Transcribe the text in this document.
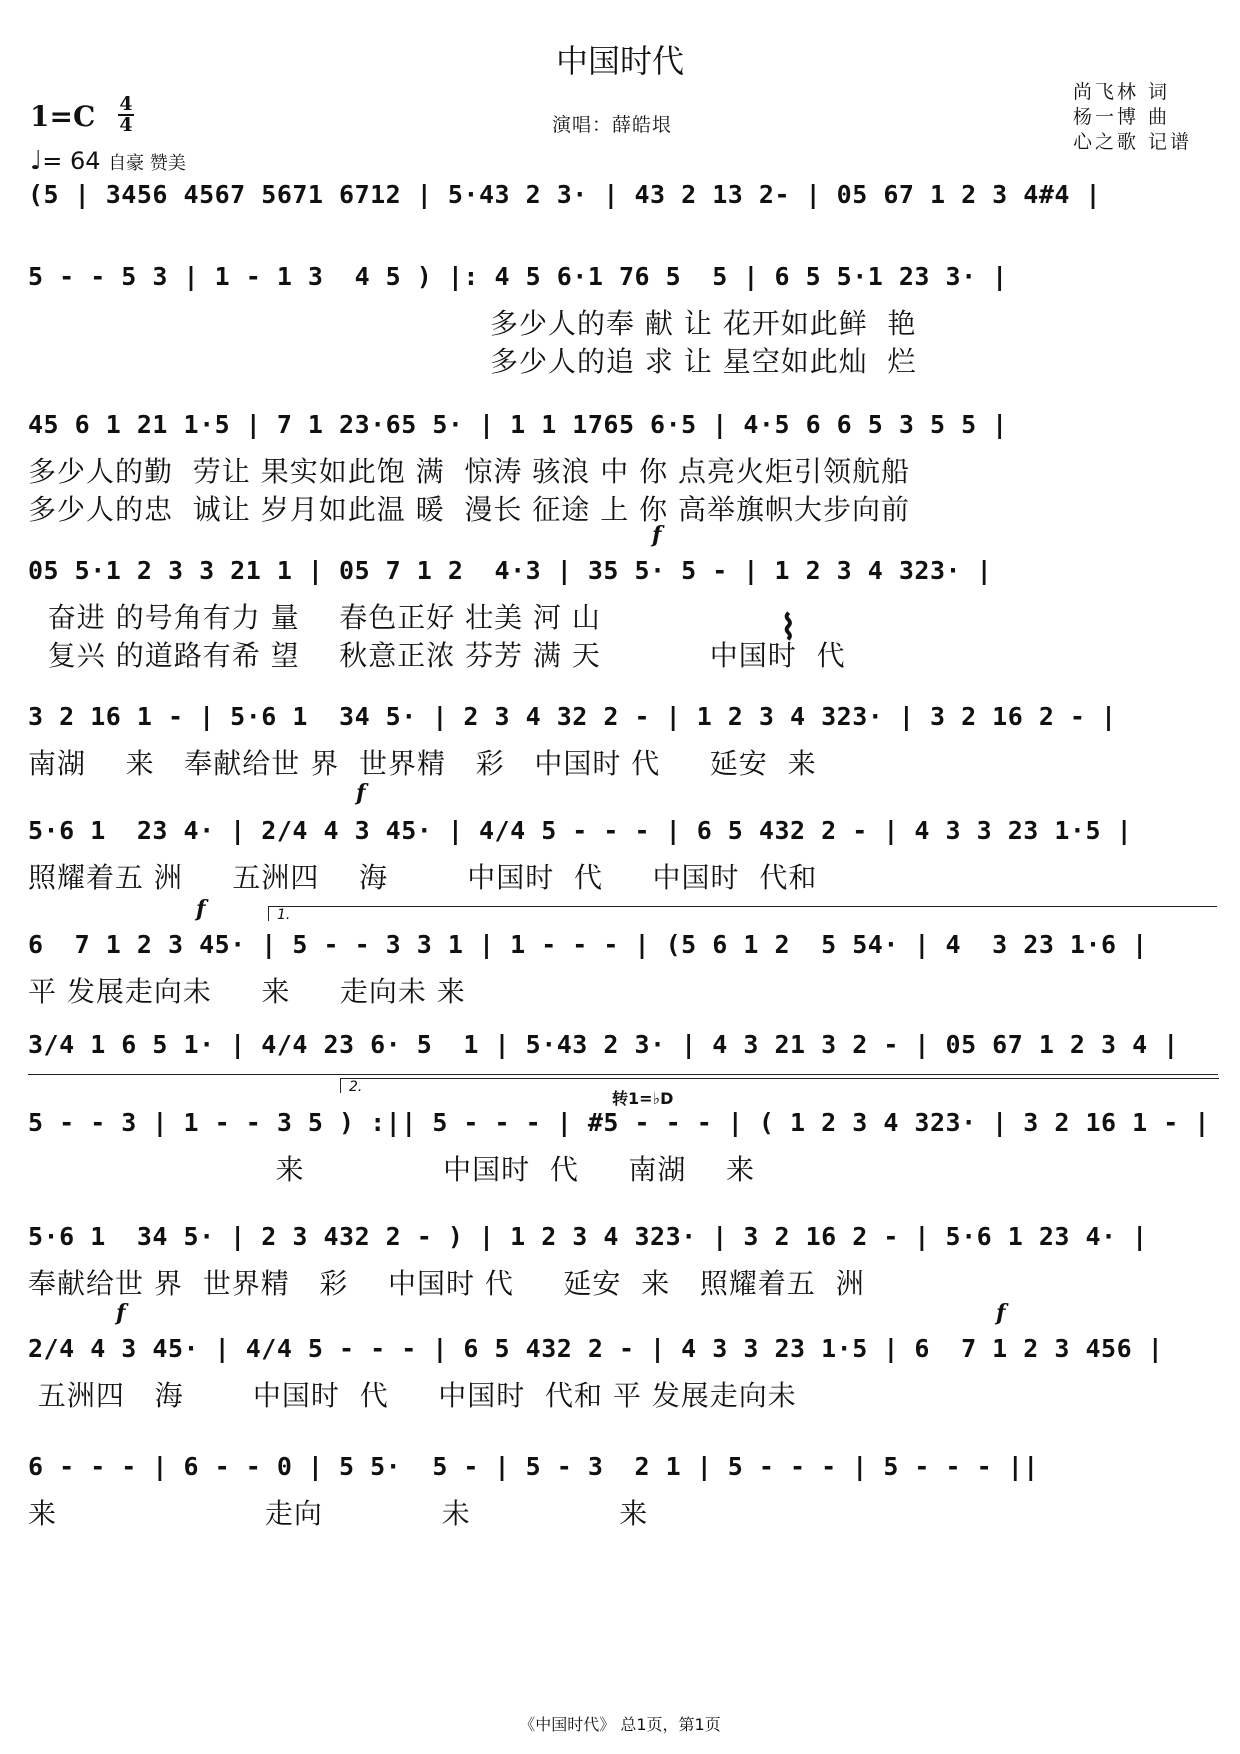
中国时代
1=C 4
4
♩= 64 自豪 赞美
演唱：薛皓垠
尚飞林 词
杨一博 曲
心之歌 记谱
(5 | 3456 4567 5671 6712 | 5·43 2 3· | 43 2 13 2- | 05 67 1 2 3 4#4 |
5 - - 5 3 | 1 - 1 3  4 5 ) |: 4 5 6·1 76 5  5 | 6 5 5·1 23 3· |
多少人的奉 献 让 花开如此鲜  艳
多少人的追 求 让 星空如此灿  烂
45 6 1 21 1·5 | 7 1 23·65 5· | 1 1 1765 6·5 | 4·5 6 6 5 3 5 5 |
多少人的勤  劳让 果实如此饱 满  惊涛 骇浪 中 你 点亮火炬引领航船
多少人的忠  诚让 岁月如此温 暖  漫长 征途 上 你 高举旗帜大步向前
f
05 5·1 2 3 3 21 1 | 05 7 1 2  4·3 | 35 5· 5 - | 1 2 3 4 323· |
奋进 的号角有力 量    春色正好 壮美 河 山
复兴 的道路有希 望    秋意正浓 芬芳 满 天           中国时  代
⌇
3 2 16 1 - | 5·6 1  34 5· | 2 3 4 32 2 - | 1 2 3 4 323· | 3 2 16 2 - |
南湖    来   奉献给世 界  世界精   彩   中国时 代     延安  来
f
5·6 1  23 4· | 2/4 4 3 45· | 4/4 5 - - - | 6 5 432 2 - | 4 3 3 23 1·5 |
照耀着五 洲     五洲四    海        中国时  代     中国时  代和
1.
f
6  7 1 2 3 45· | 5 - - 3 3 1 | 1 - - - | (5 6 1 2  5 54· | 4  3 23 1·6 |
平 发展走向未     来     走向未 来
3/4 1 6 5 1· | 4/4 23 6· 5  1 | 5·43 2 3· | 4 3 21 3 2 - | 05 67 1 2 3 4 |
2.
转1=♭D
5 - - 3 | 1 - - 3 5 ) :|| 5 - - - | #5 - - - | ( 1 2 3 4 323· | 3 2 16 1 - |
来              中国时  代     南湖    来
5·6 1  34 5· | 2 3 432 2 - ) | 1 2 3 4 323· | 3 2 16 2 - | 5·6 1 23 4· |
奉献给世 界  世界精   彩    中国时 代     延安  来   照耀着五  洲
f	f
2/4 4 3 45· | 4/4 5 - - - | 6 5 432 2 - | 4 3 3 23 1·5 | 6  7 1 2 3 456 |
五洲四   海       中国时  代     中国时  代和 平 发展走向未
6 - - - | 6 - - 0 | 5 5·  5 - | 5 - 3  2 1 | 5 - - - | 5 - - - ||
来                     走向            未               来
《中国时代》 总1页，第1页
